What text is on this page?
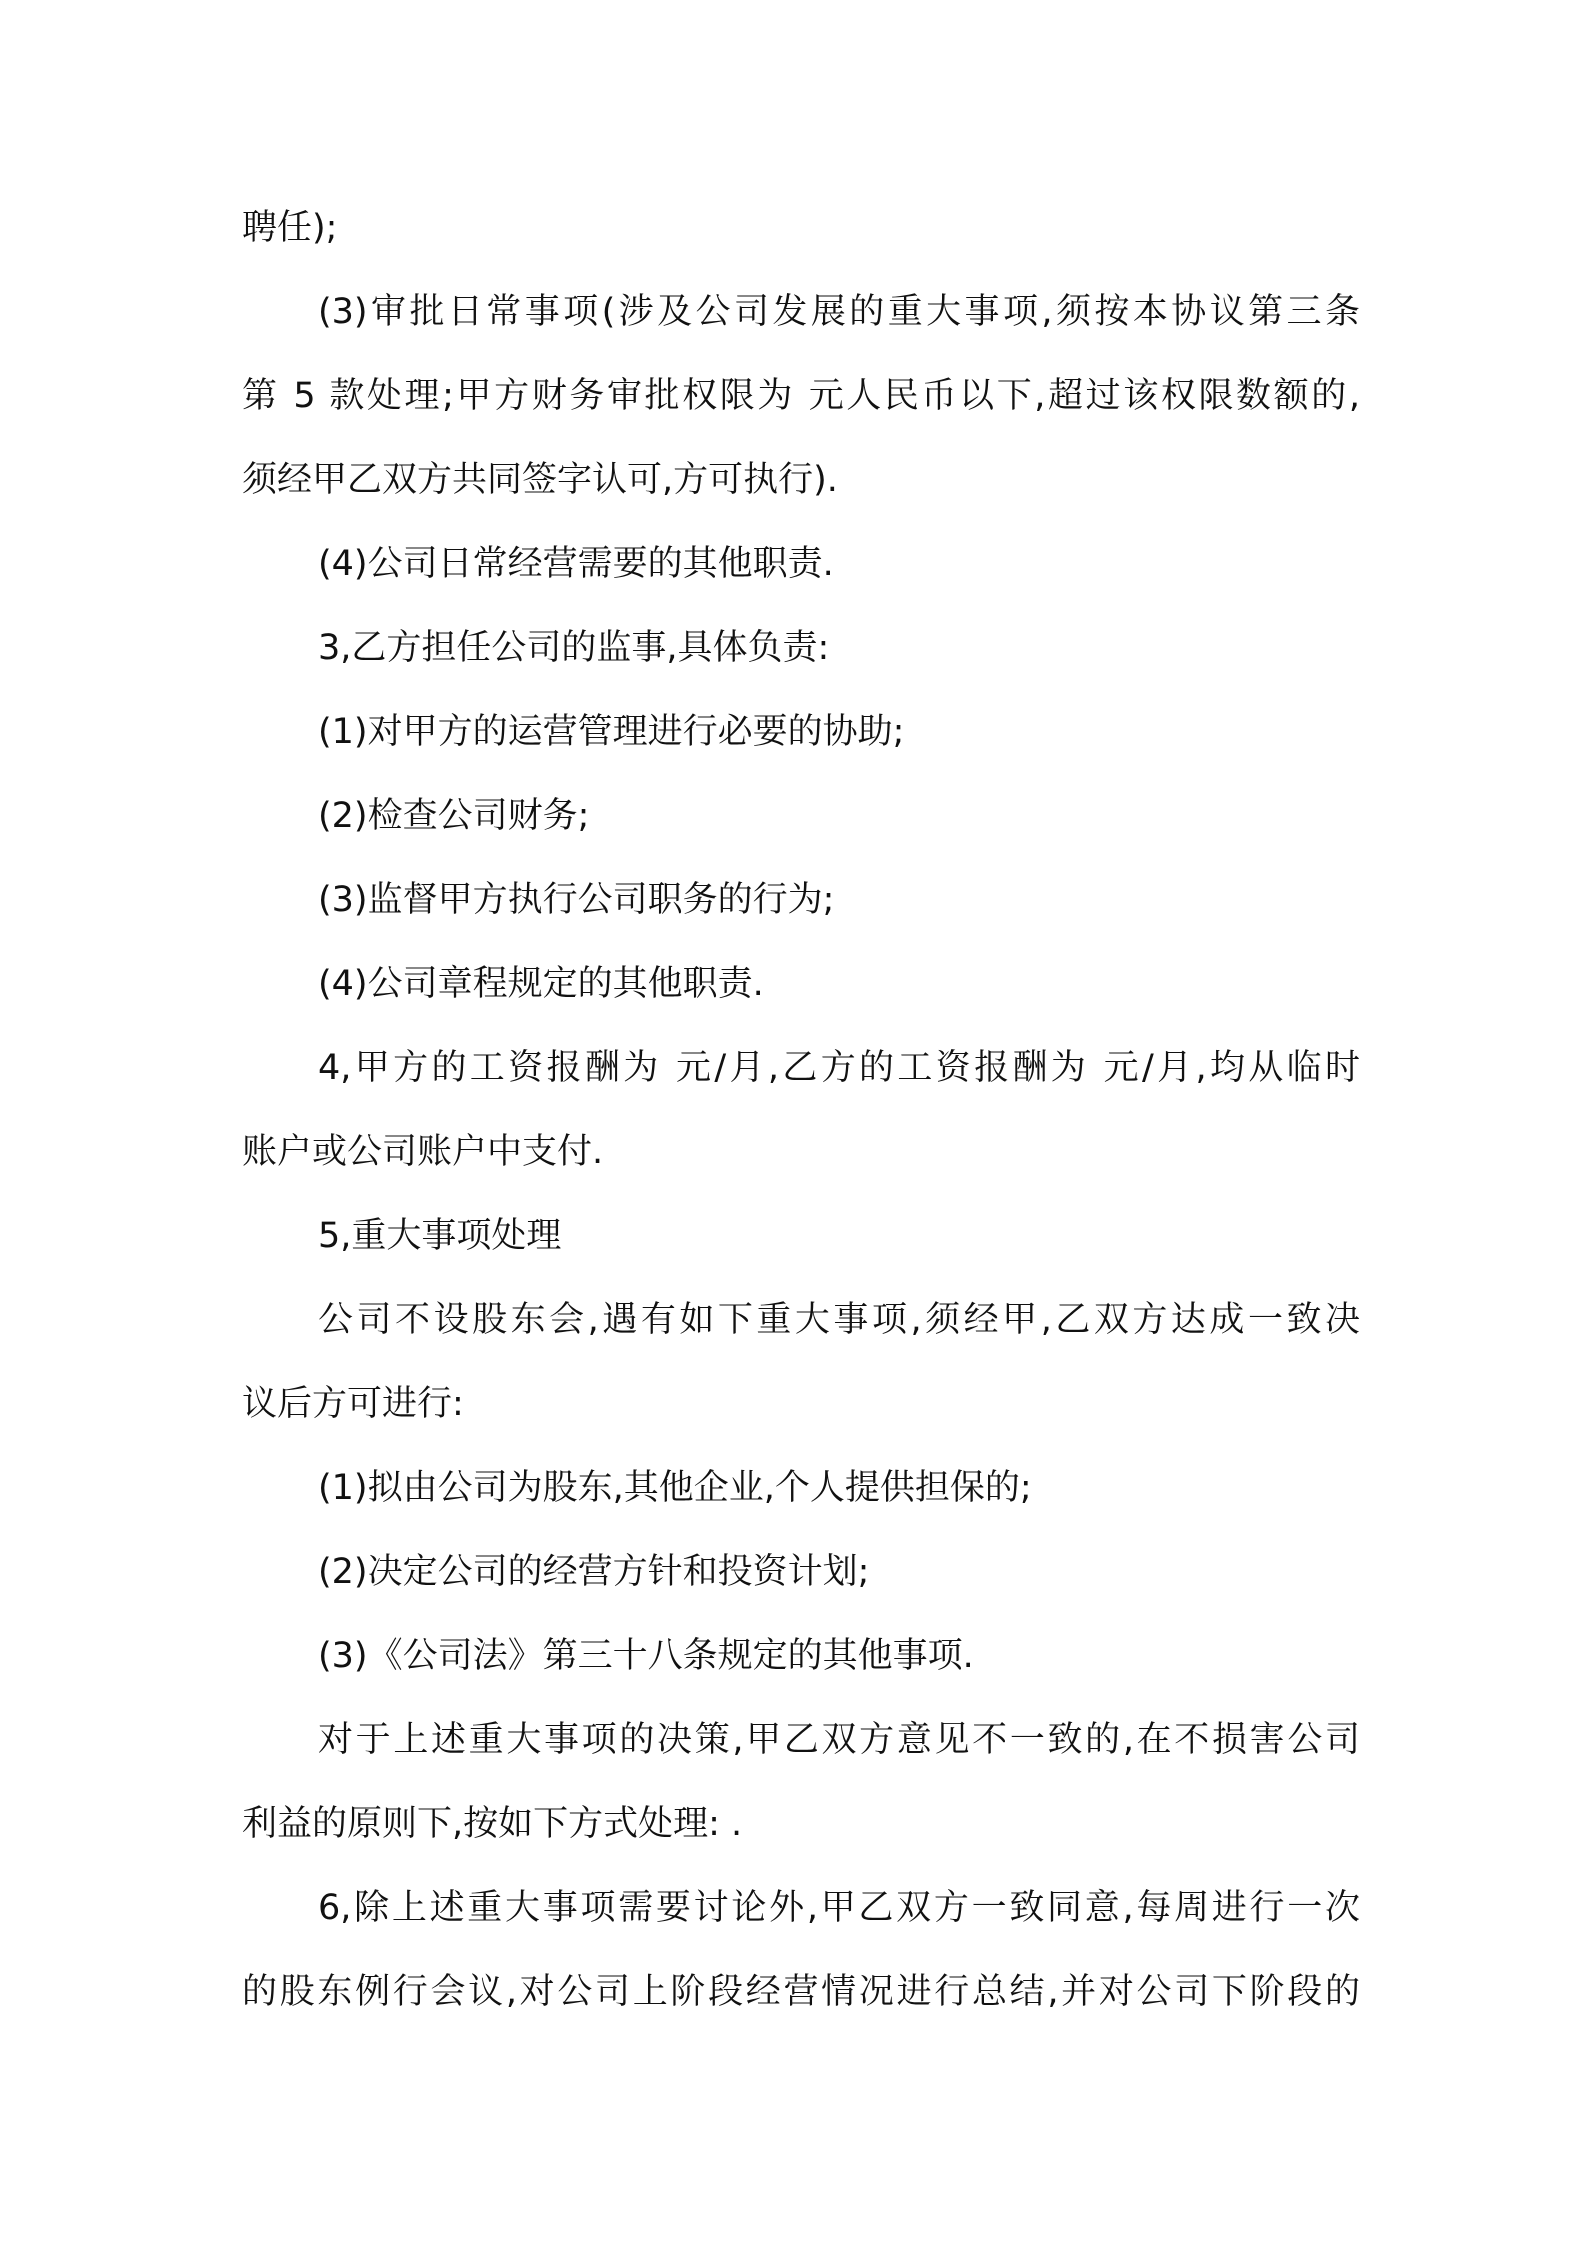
聘任);

(3)审批日常事项(涉及公司发展的重大事项,须按本协议第三条

第 5 款处理;甲方财务审批权限为 元人民币以下,超过该权限数额的,

须经甲乙双方共同签字认可,方可执行).

(4)公司日常经营需要的其他职责.

3,乙方担任公司的监事,具体负责:

(1)对甲方的运营管理进行必要的协助;

(2)检查公司财务;

(3)监督甲方执行公司职务的行为;

(4)公司章程规定的其他职责.

4,甲方的工资报酬为 元/月,乙方的工资报酬为 元/月,均从临时

账户或公司账户中支付.

5,重大事项处理

公司不设股东会,遇有如下重大事项,须经甲,乙双方达成一致决

议后方可进行:

(1)拟由公司为股东,其他企业,个人提供担保的;

(2)决定公司的经营方针和投资计划;

(3)《公司法》第三十八条规定的其他事项.

对于上述重大事项的决策,甲乙双方意见不一致的,在不损害公司

利益的原则下,按如下方式处理: .

6,除上述重大事项需要讨论外,甲乙双方一致同意,每周进行一次

的股东例行会议,对公司上阶段经营情况进行总结,并对公司下阶段的
